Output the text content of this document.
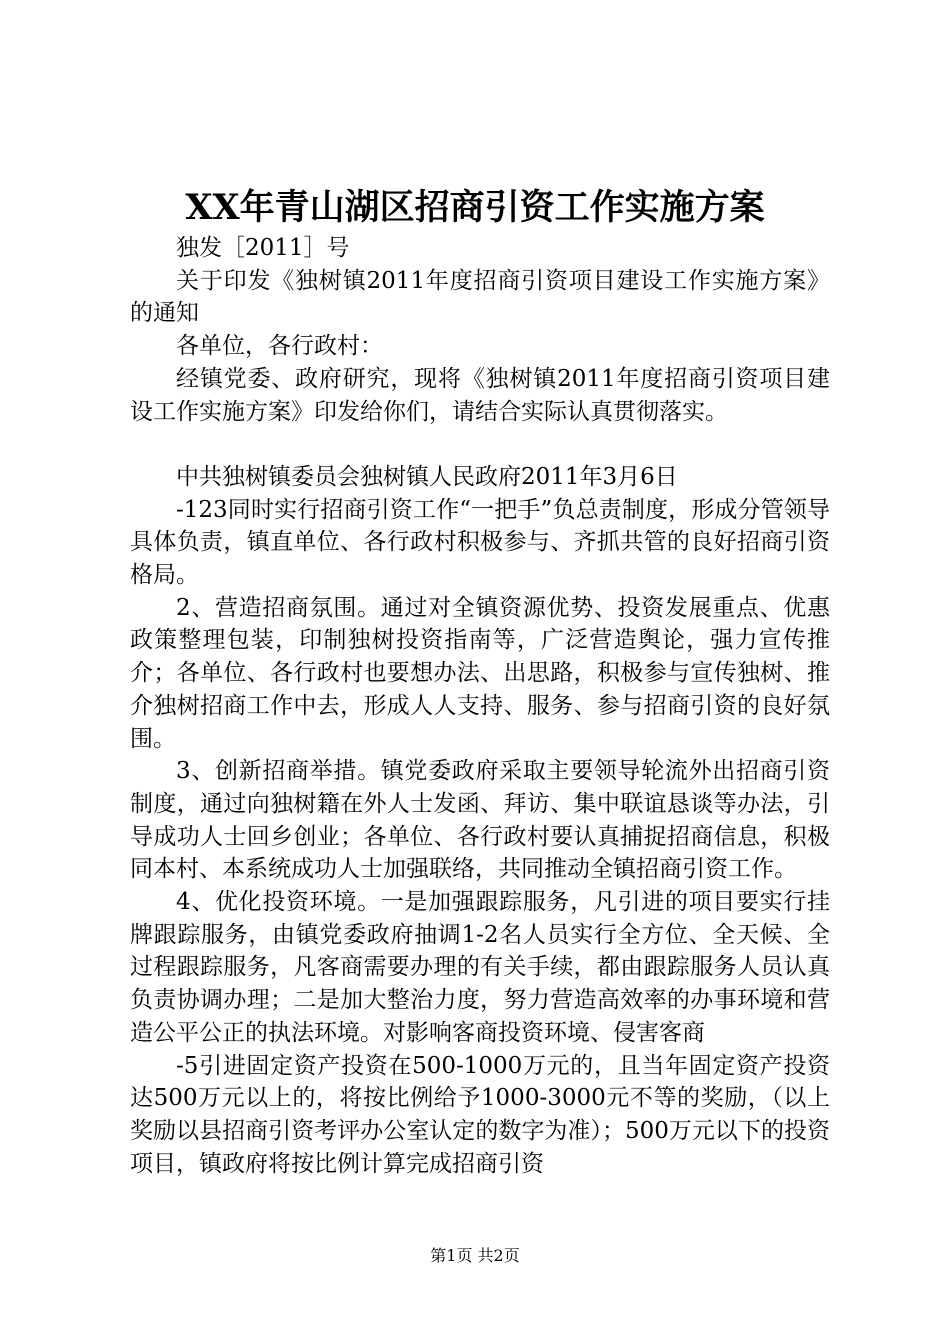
XX年青山湖区招商引资工作实施方案

独发［2011］号

关于印发《独树镇2011年度招商引资项目建设工作实施方案》的通知

各单位，各行政村：

经镇党委、政府研究，现将《独树镇2011年度招商引资项目建设工作实施方案》印发给你们，请结合实际认真贯彻落实。

中共独树镇委员会独树镇人民政府2011年3月6日

-123同时实行招商引资工作“一把手”负总责制度，形成分管领导具体负责，镇直单位、各行政村积极参与、齐抓共管的良好招商引资格局。

2、营造招商氛围。通过对全镇资源优势、投资发展重点、优惠政策整理包装，印制独树投资指南等，广泛营造舆论，强力宣传推介；各单位、各行政村也要想办法、出思路，积极参与宣传独树、推介独树招商工作中去，形成人人支持、服务、参与招商引资的良好氛围。

3、创新招商举措。镇党委政府采取主要领导轮流外出招商引资制度，通过向独树籍在外人士发函、拜访、集中联谊恳谈等办法，引导成功人士回乡创业；各单位、各行政村要认真捕捉招商信息，积极同本村、本系统成功人士加强联络，共同推动全镇招商引资工作。

4、优化投资环境。一是加强跟踪服务，凡引进的项目要实行挂牌跟踪服务，由镇党委政府抽调1-2名人员实行全方位、全天候、全过程跟踪服务，凡客商需要办理的有关手续，都由跟踪服务人员认真负责协调办理；二是加大整治力度，努力营造高效率的办事环境和营造公平公正的执法环境。对影响客商投资环境、侵害客商

-5引进固定资产投资在500-1000万元的，且当年固定资产投资达500万元以上的，将按比例给予1000-3000元不等的奖励，（以上奖励以县招商引资考评办公室认定的数字为准）；500万元以下的投资项目，镇政府将按比例计算完成招商引资

第1页 共2页
